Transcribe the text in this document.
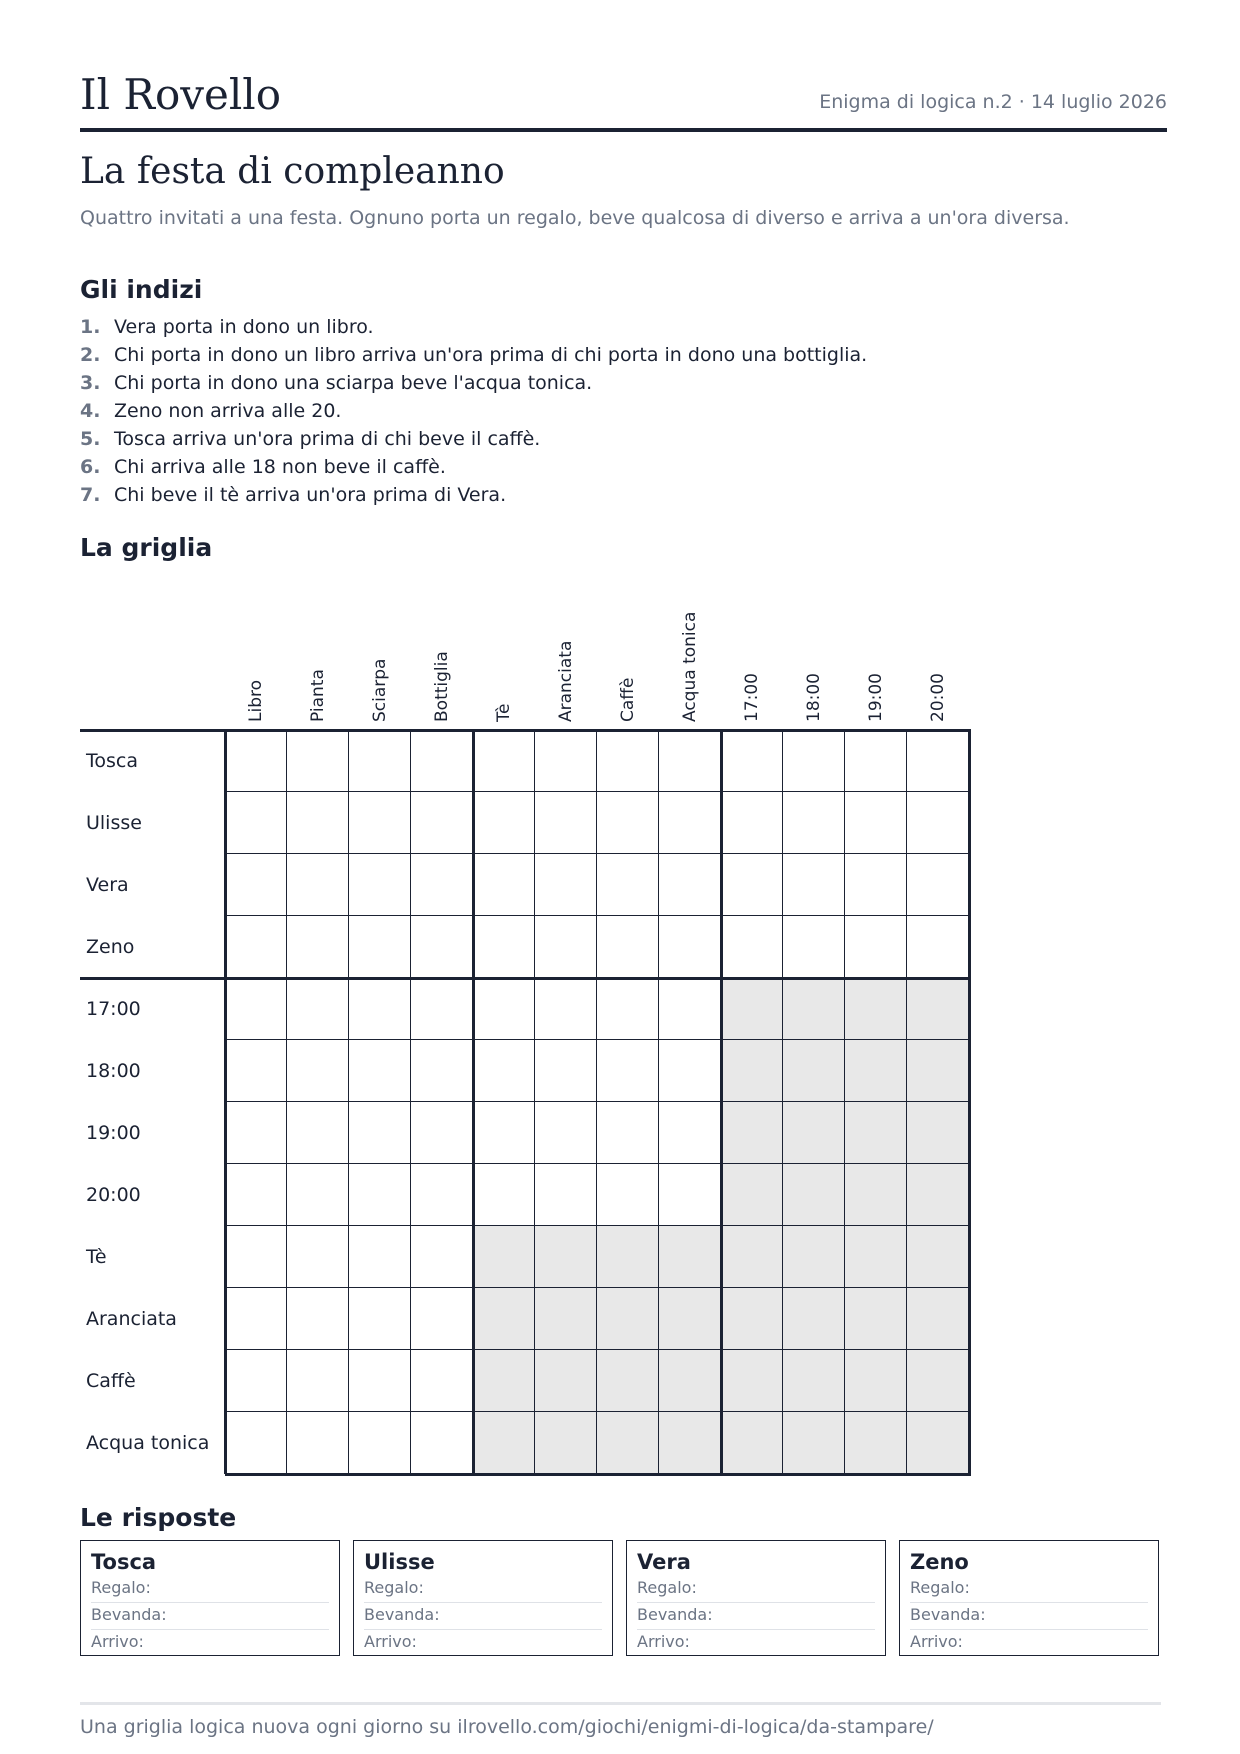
Il Rovello	Enigma di logica n.2 · 14 luglio 2026
La festa di compleanno
Quattro invitati a una festa. Ognuno porta un regalo, beve qualcosa di diverso e arriva a un'ora diversa.
Gli indizi
1. Vera porta in dono un libro.
2. Chi porta in dono un libro arriva un'ora prima di chi porta in dono una bottiglia.
3. Chi porta in dono una sciarpa beve l'acqua tonica.
4. Zeno non arriva alle 20.
5. Tosca arriva un'ora prima di chi beve il caffè.
6. Chi arriva alle 18 non beve il caffè.
7. Chi beve il tè arriva un'ora prima di Vera.
La griglia
Libro Pianta Sciarpa Bottiglia Tè Aranciata Caffè Acqua tonica 17:00 18:00 19:00 20:00
Tosca
Ulisse
Vera
Zeno
17:00
18:00
19:00
20:00
Tè
Aranciata
Caffè
Acqua tonica
Le risposte
Tosca
Regalo:
Bevanda:
Arrivo:
Ulisse
Regalo:
Bevanda:
Arrivo:
Vera
Regalo:
Bevanda:
Arrivo:
Zeno
Regalo:
Bevanda:
Arrivo:
Una griglia logica nuova ogni giorno su ilrovello.com/giochi/enigmi-di-logica/da-stampare/
